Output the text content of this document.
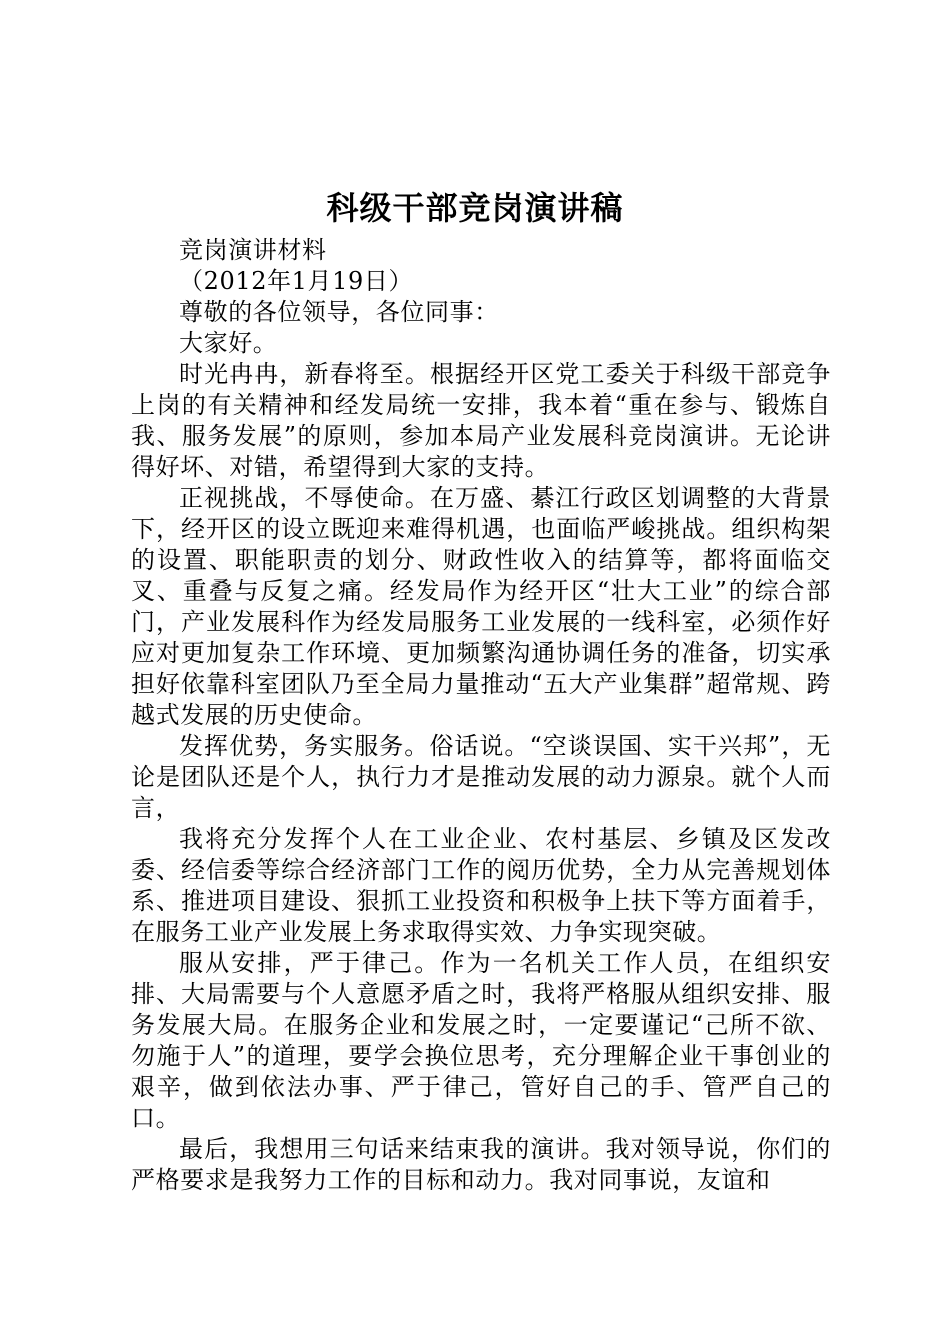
科级干部竞岗演讲稿

竞岗演讲材料

（2012年1月19日）

尊敬的各位领导，各位同事：

大家好。

时光冉冉，新春将至。根据经开区党工委关于科级干部竞争上岗的有关精神和经发局统一安排，我本着“重在参与、锻炼自我、服务发展”的原则，参加本局产业发展科竞岗演讲。无论讲得好坏、对错，希望得到大家的支持。

正视挑战，不辱使命。在万盛、綦江行政区划调整的大背景下，经开区的设立既迎来难得机遇，也面临严峻挑战。组织构架的设置、职能职责的划分、财政性收入的结算等，都将面临交叉、重叠与反复之痛。经发局作为经开区“壮大工业”的综合部门，产业发展科作为经发局服务工业发展的一线科室，必须作好应对更加复杂工作环境、更加频繁沟通协调任务的准备，切实承担好依靠科室团队乃至全局力量推动“五大产业集群”超常规、跨越式发展的历史使命。

发挥优势，务实服务。俗话说。“空谈误国、实干兴邦”，无论是团队还是个人，执行力才是推动发展的动力源泉。就个人而言，

我将充分发挥个人在工业企业、农村基层、乡镇及区发改委、经信委等综合经济部门工作的阅历优势，全力从完善规划体系、推进项目建设、狠抓工业投资和积极争上扶下等方面着手，在服务工业产业发展上务求取得实效、力争实现突破。

服从安排，严于律己。作为一名机关工作人员，在组织安排、大局需要与个人意愿矛盾之时，我将严格服从组织安排、服务发展大局。在服务企业和发展之时，一定要谨记“己所不欲、勿施于人”的道理，要学会换位思考，充分理解企业干事创业的艰辛，做到依法办事、严于律己，管好自己的手、管严自己的口。

最后，我想用三句话来结束我的演讲。我对领导说，你们的严格要求是我努力工作的目标和动力。我对同事说，友谊和
